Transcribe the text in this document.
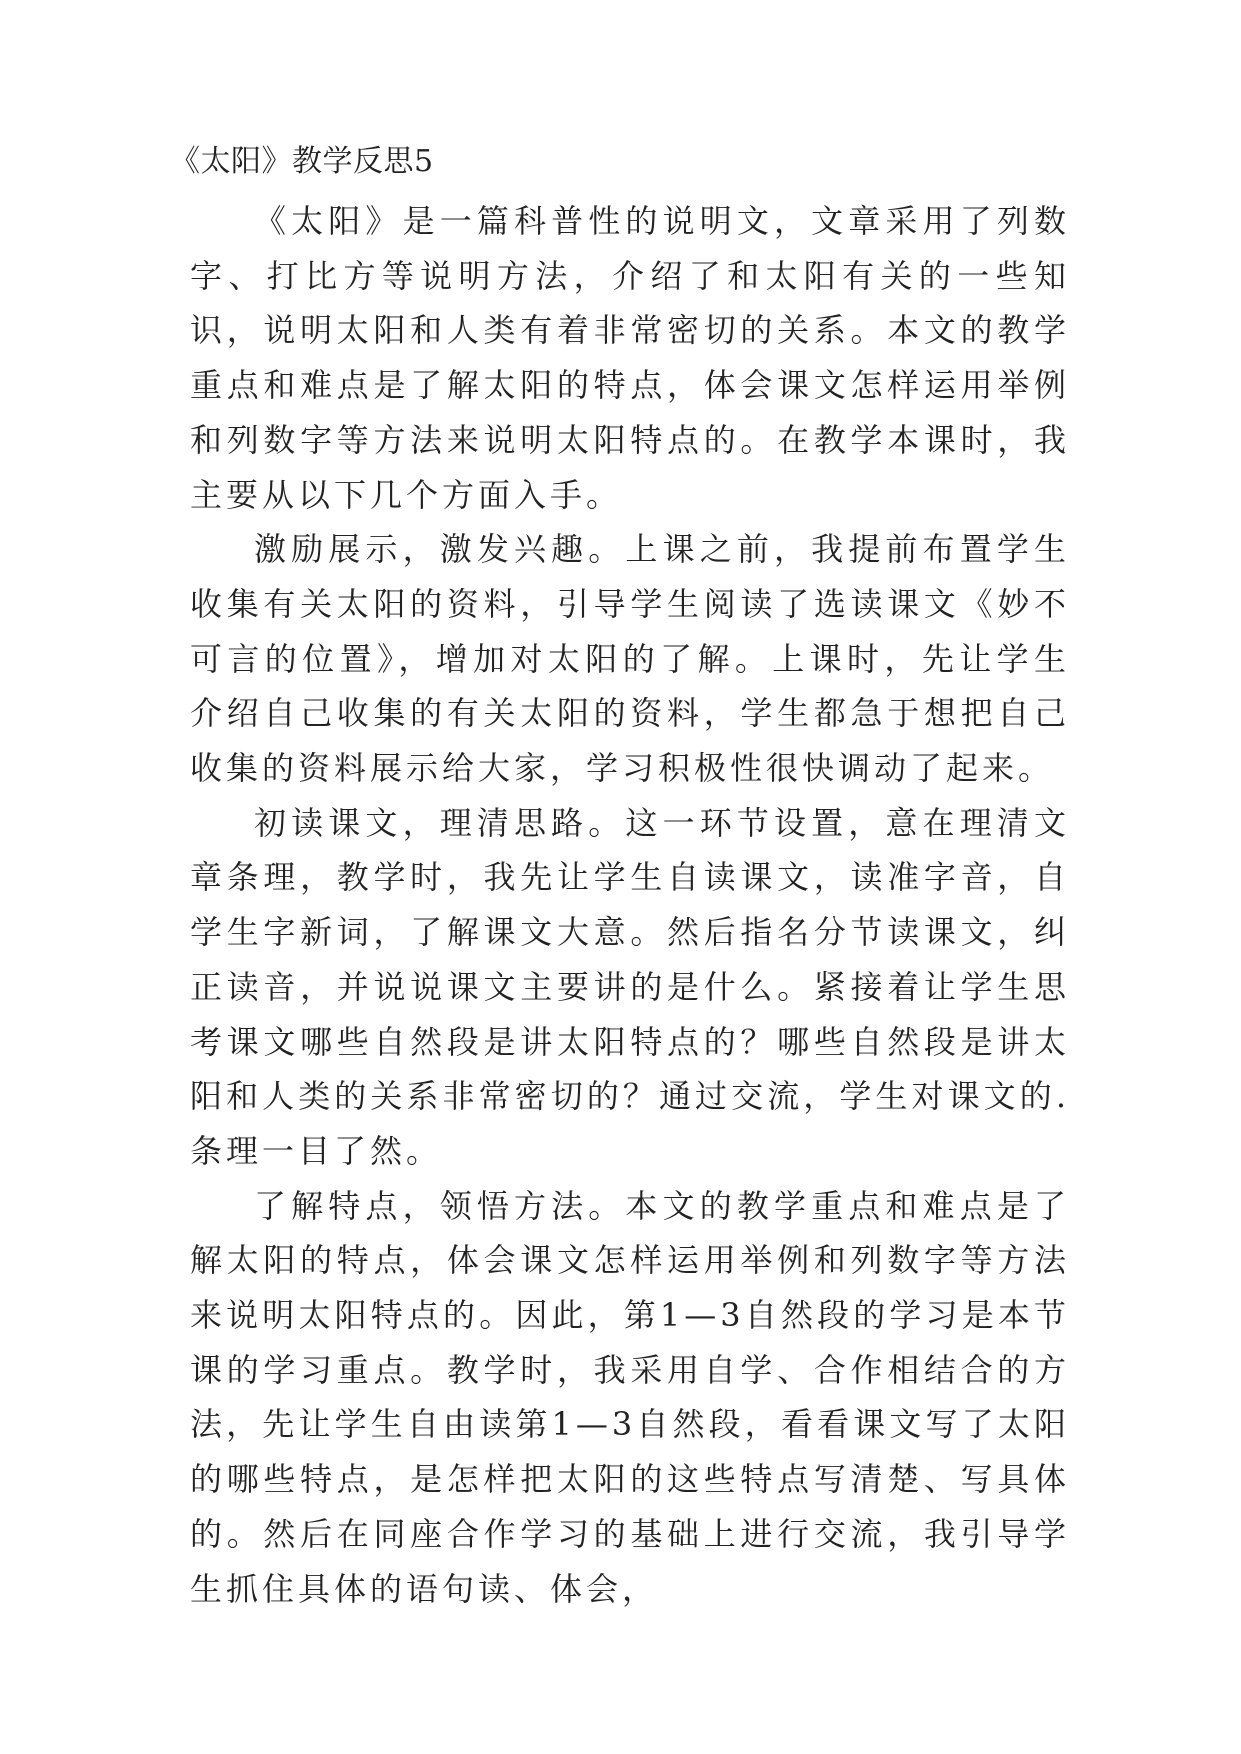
《太阳》教学反思5

《太阳》是一篇科普性的说明文，文章采用了列数字、打比方等说明方法，介绍了和太阳有关的一些知识，说明太阳和人类有着非常密切的关系。本文的教学重点和难点是了解太阳的特点，体会课文怎样运用举例和列数字等方法来说明太阳特点的。在教学本课时，我主要从以下几个方面入手。

激励展示，激发兴趣。上课之前，我提前布置学生收集有关太阳的资料，引导学生阅读了选读课文《妙不可言的位置》，增加对太阳的了解。上课时，先让学生介绍自己收集的有关太阳的资料，学生都急于想把自己收集的资料展示给大家，学习积极性很快调动了起来。

初读课文，理清思路。这一环节设置，意在理清文章条理，教学时，我先让学生自读课文，读准字音，自学生字新词，了解课文大意。然后指名分节读课文，纠正读音，并说说课文主要讲的是什么。紧接着让学生思考课文哪些自然段是讲太阳特点的？哪些自然段是讲太阳和人类的关系非常密切的？通过交流，学生对课文的.条理一目了然。

了解特点，领悟方法。本文的教学重点和难点是了解太阳的特点，体会课文怎样运用举例和列数字等方法来说明太阳特点的。因此，第1—3自然段的学习是本节课的学习重点。教学时，我采用自学、合作相结合的方法，先让学生自由读第1—3自然段，看看课文写了太阳的哪些特点，是怎样把太阳的这些特点写清楚、写具体的。然后在同座合作学习的基础上进行交流，我引导学生抓住具体的语句读、体会，
